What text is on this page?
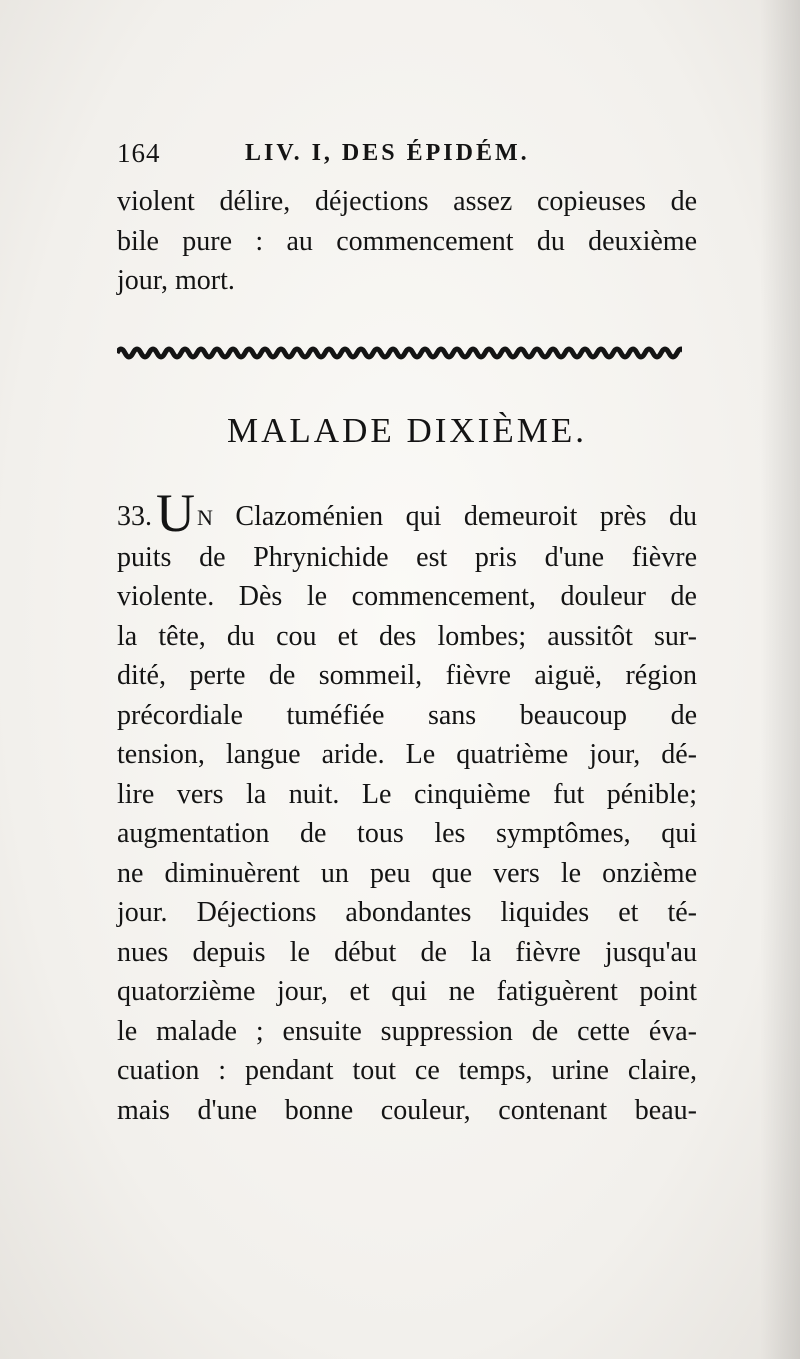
164	LIV. I, DES ÉPIDÉM.
violent délire, déjections assez copieuses de
bile pure : au commencement du deuxième
jour, mort.
MALADE DIXIÈME.
33.UN Clazoménien qui demeuroit près du
puits de Phrynichide est pris d'une fièvre
violente. Dès le commencement, douleur de
la tête, du cou et des lombes; aussitôt sur-
dité, perte de sommeil, fièvre aiguë, région
précordiale tuméfiée sans beaucoup de
tension, langue aride. Le quatrième jour, dé-
lire vers la nuit. Le cinquième fut pénible;
augmentation de tous les symptômes, qui
ne diminuèrent un peu que vers le onzième
jour. Déjections abondantes liquides et té-
nues depuis le début de la fièvre jusqu'au
quatorzième jour, et qui ne fatiguèrent point
le malade ; ensuite suppression de cette éva-
cuation : pendant tout ce temps, urine claire,
mais d'une bonne couleur, contenant beau-
